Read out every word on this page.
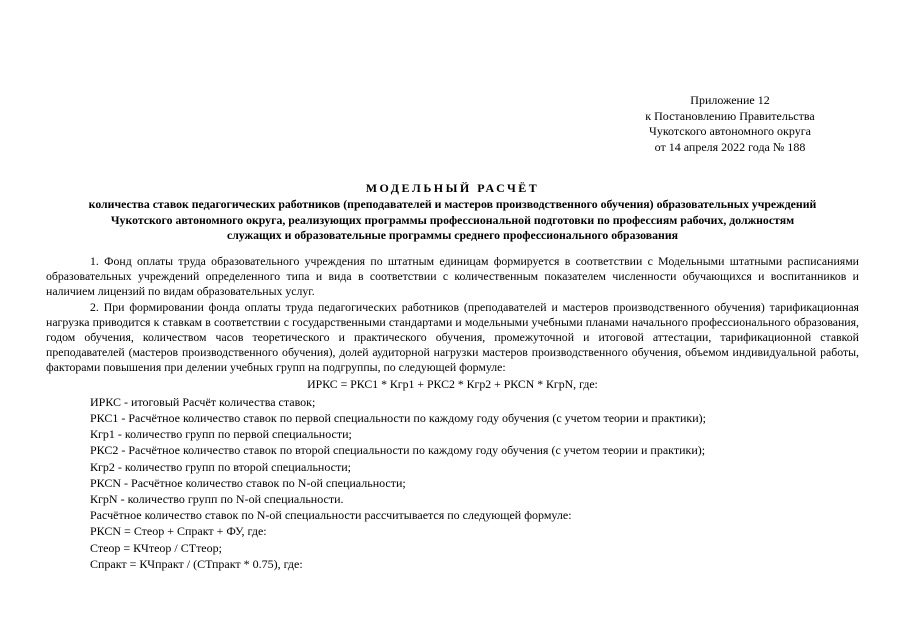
Приложение 12
к Постановлению Правительства
Чукотского автономного округа
от 14 апреля 2022 года № 188
МОДЕЛЬНЫЙ РАСЧЁТ
количества ставок педагогических работников (преподавателей и мастеров производственного обучения) образовательных учреждений
Чукотского автономного округа, реализующих программы профессиональной подготовки по профессиям рабочих, должностям
служащих и образовательные программы среднего профессионального образования

1. Фонд оплаты труда образовательного учреждения по штатным единицам формируется в соответствии с Модельными штатными расписаниями образовательных учреждений определенного типа и вида в соответствии с количественным показателем численности обучающихся и воспитанников и наличием лицензий по видам образовательных услуг.

2. При формировании фонда оплаты труда педагогических работников (преподавателей и мастеров производственного обучения) тарификационная нагрузка приводится к ставкам в соответствии с государственными стандартами и модельными учебными планами начального профессионального образования, годом обучения, количеством часов теоретического и практического обучения, промежуточной и итоговой аттестации, тарификационной ставкой преподавателей (мастеров производственного обучения), долей аудиторной нагрузки мастеров производственного обучения, объемом индивидуальной работы, факторами повышения при делении учебных групп на подгруппы, по следующей формуле:

ИРКС = РКС1 * Кгр1 + РКС2 * Кгр2 + РКСN * КгрN, где:
ИРКС - итоговый Расчёт количества ставок;
РКС1 - Расчётное количество ставок по первой специальности по каждому году обучения (с учетом теории и практики);
Кгр1 - количество групп по первой специальности;
РКС2 - Расчётное количество ставок по второй специальности по каждому году обучения (с учетом теории и практики);
Кгр2 - количество групп по второй специальности;
РКСN - Расчётное количество ставок по N-ой специальности;
КгрN - количество групп по N-ой специальности.
Расчётное количество ставок по N-ой специальности рассчитывается по следующей формуле:
РКСN = Стеор + Спракт + ФУ, где:
Стеор = КЧтеор / СТтеор;
Спракт = КЧпракт / (СТпракт * 0.75), где:
